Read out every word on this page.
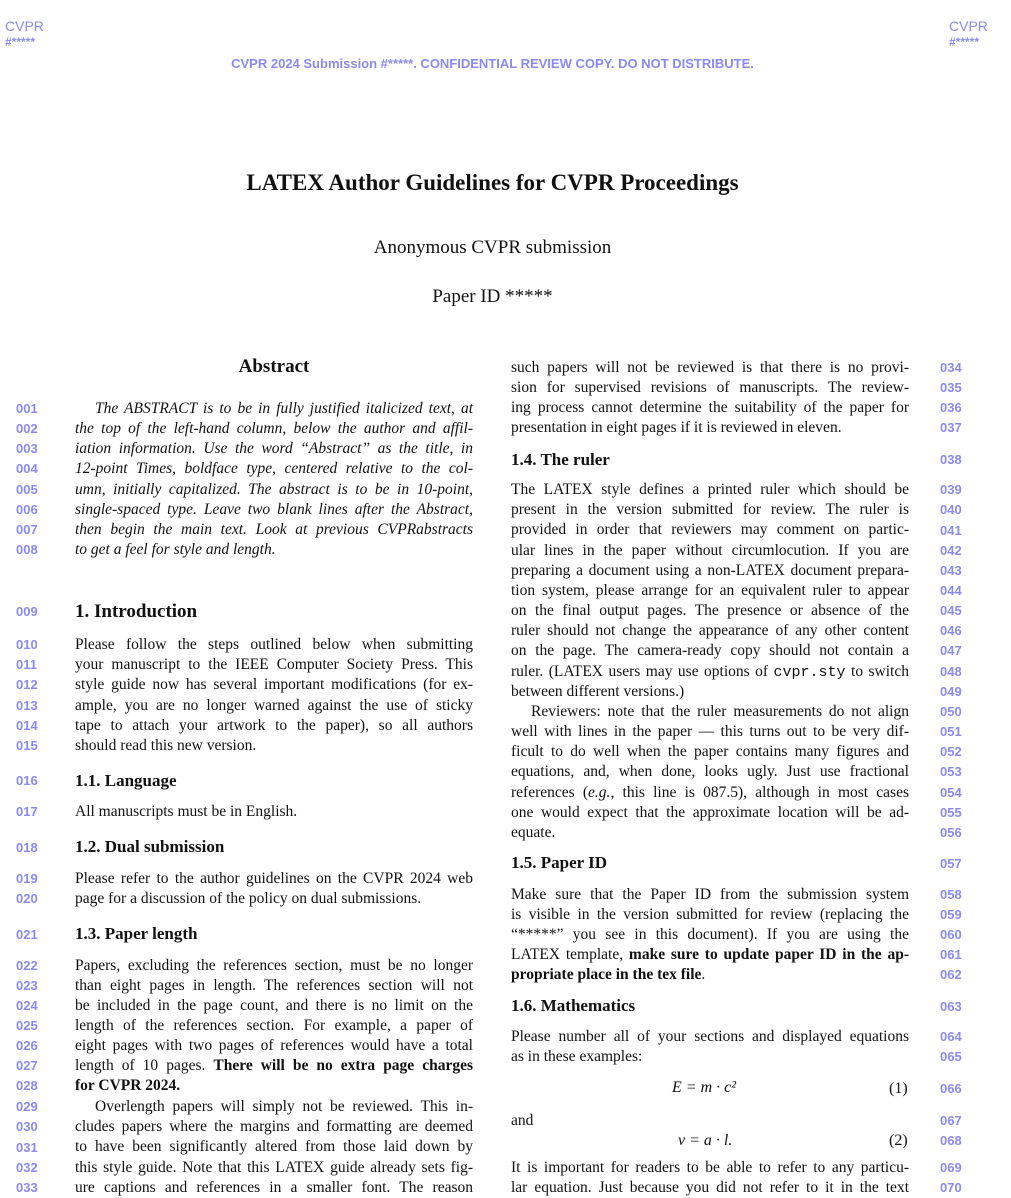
CVPR
#*****
CVPR
#*****
CVPR 2024 Submission #*****. CONFIDENTIAL REVIEW COPY. DO NOT DISTRIBUTE.
LATEX Author Guidelines for CVPR Proceedings
Anonymous CVPR submission
Paper ID *****
001
002
003
004
005
006
007
008
009
010
011
012
013
014
015
016
017
018
019
020
021
022
023
024
025
026
027
028
029
030
031
032
033
034
035
036
037
038
039
040
041
042
043
044
045
046
047
048
049
050
051
052
053
054
055
056
057
058
059
060
061
062
063
064
065
066
067
068
069
070
Abstract
The ABSTRACT is to be in fully justified italicized text, at
the top of the left-hand column, below the author and affil-
iation information. Use the word “Abstract” as the title, in
12-point Times, boldface type, centered relative to the col-
umn, initially capitalized. The abstract is to be in 10-point,
single-spaced type. Leave two blank lines after the Abstract,
then begin the main text. Look at previous CVPRabstracts
to get a feel for style and length.
1. Introduction
Please follow the steps outlined below when submitting
your manuscript to the IEEE Computer Society Press. This
style guide now has several important modifications (for ex-
ample, you are no longer warned against the use of sticky
tape to attach your artwork to the paper), so all authors
should read this new version.
1.1. Language
All manuscripts must be in English.
1.2. Dual submission
Please refer to the author guidelines on the CVPR 2024 web
page for a discussion of the policy on dual submissions.
1.3. Paper length
Papers, excluding the references section, must be no longer
than eight pages in length. The references section will not
be included in the page count, and there is no limit on the
length of the references section. For example, a paper of
eight pages with two pages of references would have a total
length of 10 pages. There will be no extra page charges
for CVPR 2024.
Overlength papers will simply not be reviewed. This in-
cludes papers where the margins and formatting are deemed
to have been significantly altered from those laid down by
this style guide. Note that this LATEX guide already sets fig-
ure captions and references in a smaller font. The reason
such papers will not be reviewed is that there is no provi-
sion for supervised revisions of manuscripts. The review-
ing process cannot determine the suitability of the paper for
presentation in eight pages if it is reviewed in eleven.
1.4. The ruler
The LATEX style defines a printed ruler which should be
present in the version submitted for review. The ruler is
provided in order that reviewers may comment on partic-
ular lines in the paper without circumlocution. If you are
preparing a document using a non-LATEX document prepara-
tion system, please arrange for an equivalent ruler to appear
on the final output pages. The presence or absence of the
ruler should not change the appearance of any other content
on the page. The camera-ready copy should not contain a
ruler. (LATEX users may use options of cvpr.sty to switch
between different versions.)
Reviewers: note that the ruler measurements do not align
well with lines in the paper — this turns out to be very dif-
ficult to do well when the paper contains many figures and
equations, and, when done, looks ugly. Just use fractional
references (e.g., this line is 087.5), although in most cases
one would expect that the approximate location will be ad-
equate.
1.5. Paper ID
Make sure that the Paper ID from the submission system
is visible in the version submitted for review (replacing the
“*****” you see in this document). If you are using the
LATEX template, make sure to update paper ID in the ap-
propriate place in the tex file.
1.6. Mathematics
Please number all of your sections and displayed equations
as in these examples:
E = m · c²	(1)
and
v = a · l.	(2)
It is important for readers to be able to refer to any particu-
lar equation. Just because you did not refer to it in the text
